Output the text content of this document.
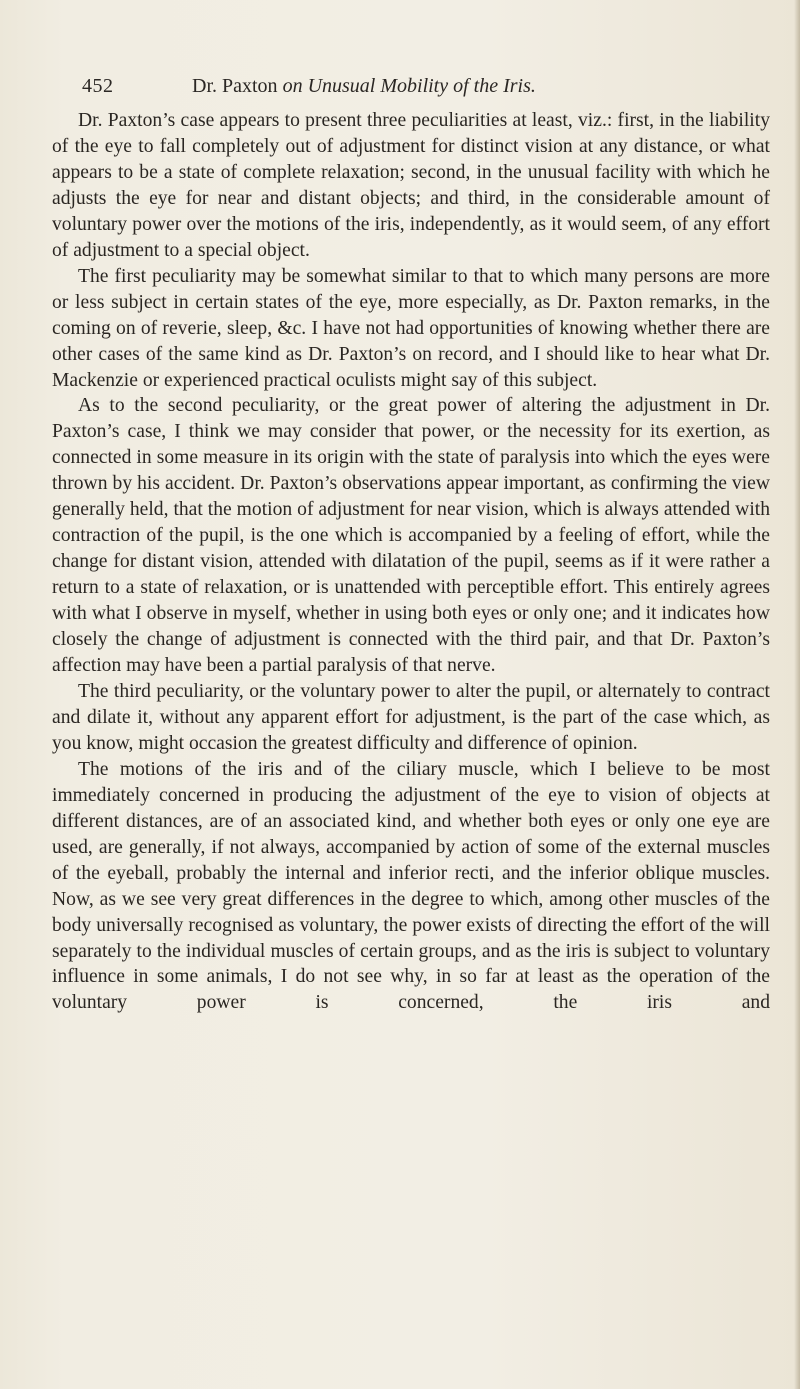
452	Dr. Paxton on Unusual Mobility of the Iris.

Dr. Paxton’s case appears to present three peculiarities at least, viz.: first, in the liability of the eye to fall completely out of adjustment for distinct vision at any distance, or what appears to be a state of complete relaxation; second, in the unusual facility with which he adjusts the eye for near and distant objects; and third, in the considerable amount of voluntary power over the motions of the iris, independently, as it would seem, of any effort of adjustment to a special object.

The first peculiarity may be somewhat similar to that to which many persons are more or less subject in certain states of the eye, more especially, as Dr. Paxton remarks, in the coming on of reverie, sleep, &c. I have not had opportunities of knowing whether there are other cases of the same kind as Dr. Paxton’s on record, and I should like to hear what Dr. Mackenzie or experienced practical oculists might say of this subject.

As to the second peculiarity, or the great power of altering the adjustment in Dr. Paxton’s case, I think we may consider that power, or the necessity for its exertion, as connected in some measure in its origin with the state of paralysis into which the eyes were thrown by his accident. Dr. Paxton’s observations appear important, as confirming the view generally held, that the motion of adjustment for near vision, which is always attended with contraction of the pupil, is the one which is accompanied by a feeling of effort, while the change for distant vision, attended with dilatation of the pupil, seems as if it were rather a return to a state of relaxation, or is unattended with perceptible effort. This entirely agrees with what I observe in myself, whether in using both eyes or only one; and it indicates how closely the change of adjustment is connected with the third pair, and that Dr. Paxton’s affection may have been a partial paralysis of that nerve.

The third peculiarity, or the voluntary power to alter the pupil, or alternately to contract and dilate it, without any apparent effort for adjustment, is the part of the case which, as you know, might occasion the greatest difficulty and difference of opinion.

The motions of the iris and of the ciliary muscle, which I believe to be most immediately concerned in producing the adjustment of the eye to vision of objects at different distances, are of an associated kind, and whether both eyes or only one eye are used, are generally, if not always, accompanied by action of some of the external muscles of the eyeball, probably the internal and inferior recti, and the inferior oblique muscles. Now, as we see very great differences in the degree to which, among other muscles of the body universally recognised as voluntary, the power exists of directing the effort of the will separately to the individual muscles of certain groups, and as the iris is subject to voluntary influence in some animals, I do not see why, in so far at least as the operation of the voluntary power is concerned, the iris and
